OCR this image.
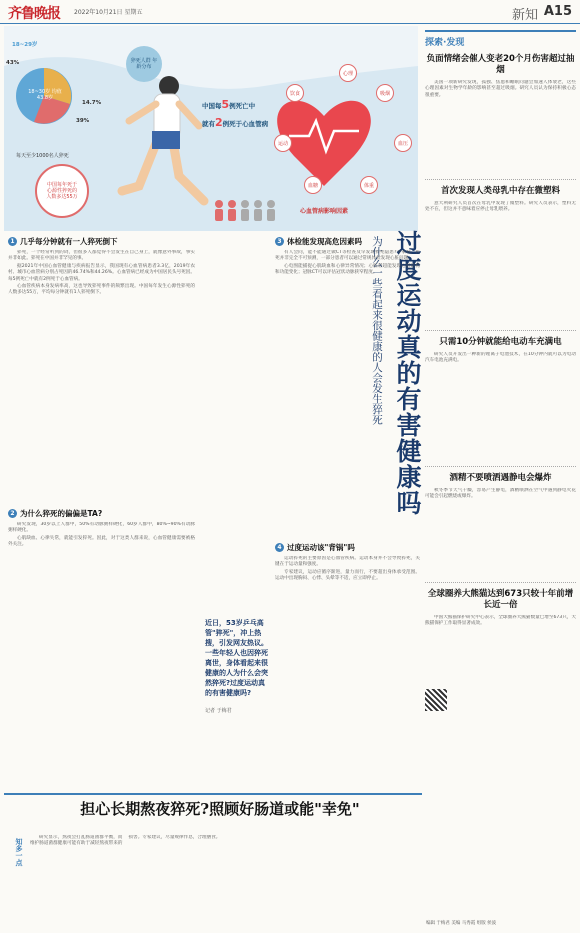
齐鲁晚报 2022年10月21日 星期五	新知 A15
18~29岁
43%
14.7%
39%
猝死人群 年龄分布
18~30岁 均值43.8岁
每天至少1000名人猝死
中国每年死于
心源性猝死的
人数多达55万
中国每5例死亡中
就有2例死于心血管病
心理
饮食	吸烟
运动	血压
血糖	体重
心血管病影响因素
过度运动真的有害健康吗
为什么一些看起来很健康的人会发生猝死
1 几乎每分钟就有一人猝死倒下

猝死，一个经常听到的词，但很多人都觉得不会发生在自己身上，就像意外事故，事实并非如此。猝死在中国并非罕见的事。

据2021年中国心血管健康与疾病报告显示，我国现有心血管病患者3.3亿，2019年农村、城市心血管病分别占死因的46.74%和44.26%。心血管病已经成为中国居民头号死因。每5例死亡中就有2例死于心血管病。

心血管疾病本身发病率高，这也导致猝死事件的频繁出现。中国每年发生心源性猝死的人数多达55万，平均每分钟就有1人猝死倒下。

2 为什么猝死的偏偏是TA?

研究发现，30岁以上人群中，50%有动脉粥样硬化，60岁人群中，80%~90%有动脉粥样硬化。

心肌缺血、心律失常，就能引发猝死。因此，对于这类人群来说，心血管健康需要被格外关注。

3 体检能发现高危因素吗

有人会问，能不能通过做CT等检查及早发现猝死隐患?专家称，猝死并非完全不可预测，一部分患者可以通过常规体检发现心脏问题。

心电图能捕捉心肌缺血和心律异常情况；心脏彩超能发现心脏结构和功能变化；冠脉CT可以评估冠状动脉狭窄程度。

4 过度运动该"背锅"吗

运动猝死的主要原因是心血管疾病。运动本身并不会导致猝死，关键在于运动量和强度。

专家建议，运动应循序渐进，量力而行，不要超出身体承受范围。运动中出现胸闷、心悸、头晕等不适，应立即停止。

近日，53岁乒乓高管"猝死"，冲上热搜，引发网友热议。一些年轻人也因猝死离世，身体看起来很健康的人为什么会突然猝死?过度运动真的有害健康吗?
记者 于梅君
探索·发现
负面情绪会催人变老20个月伤害超过抽烟

美国一项新研究发现，孤独、焦虑和睡眠问题会加速人体衰老，这些心理因素对生物学年龄的影响甚至超过吸烟。研究人员认为保持积极心态很重要。

首次发现人类母乳中存在微塑料

意大利研究人员首次在母乳中发现了微塑料。研究人员表示，塑料无处不在，但这并不意味着应停止母乳喂养。

只需10分钟就能给电动车充满电

研究人员开发出一种新的锂离子电池技术，在10分钟内就可以为电动汽车电池充满电。

酒精不要喷洒遇静电会爆炸

秋冬季节天气干燥，容易产生静电，酒精喷洒在空气中遇到静电火花可能会引起燃烧或爆炸。

全球圈养大熊猫达到673只较十年前增长近一倍

中国大熊猫保护研究中心表示，全球圈养大熊猫数量已增至673只，大熊猫保护工作取得显著成效。

担心长期熬夜猝死?照顾好肠道或能"幸免"
知多一点

研究显示，熬夜会打乱肠道菌群平衡，而维护肠道菌群健康可能有助于减轻熬夜带来的损害。专家建议，尽量规律作息，合理膳食。

编辑 于梅君 美编 马秀霞 组版 侯波
